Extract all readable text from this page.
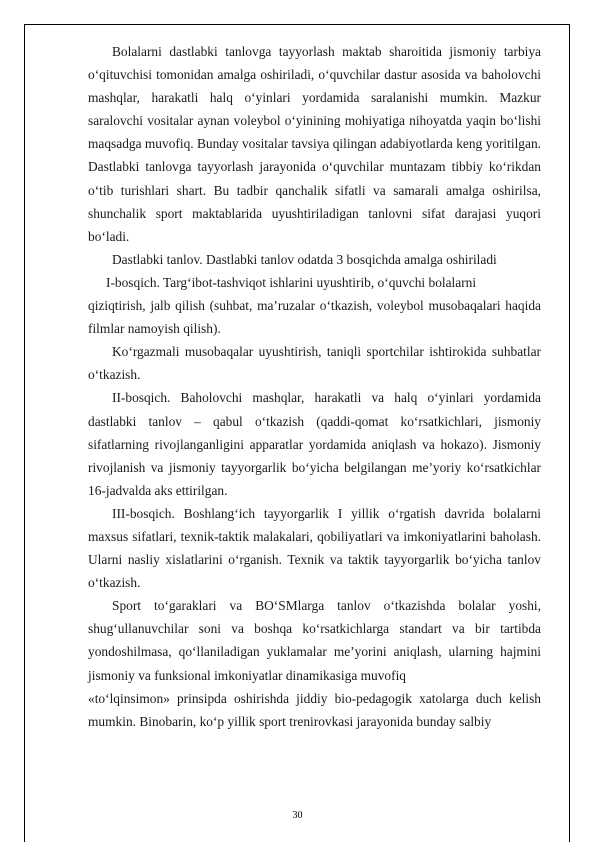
Bolalarni dastlabki tanlovga tayyorlash maktab sharoitida jismoniy tarbiya o‘qituvchisi tomonidan amalga oshiriladi, o‘quvchilar dastur asosida va baholovchi mashqlar, harakatli halq o‘yinlari yordamida saralanishi mumkin. Mazkur saralovchi vositalar aynan voleybol o‘yinining mohiyatiga nihoyatda yaqin bo‘lishi maqsadga muvofiq. Bunday vositalar tavsiya qilingan adabiyotlarda keng yoritilgan. Dastlabki tanlovga tayyorlash jarayonida o‘quvchilar muntazam tibbiy ko‘rikdan o‘tib turishlari shart. Bu tadbir qanchalik sifatli va samarali amalga oshirilsa, shunchalik sport maktablarida uyushtiriladigan tanlovni sifat darajasi yuqori bo‘ladi.

Dastlabki tanlov. Dastlabki tanlov odatda 3 bosqichda amalga oshiriladi

I-bosqich. Targ‘ibot-tashviqot ishlarini uyushtirib, o‘quvchi bolalarni

qiziqtirish, jalb qilish (suhbat, ma’ruzalar o‘tkazish, voleybol musobaqalari haqida filmlar namoyish qilish).

Ko‘rgazmali musobaqalar uyushtirish, taniqli sportchilar ishtirokida suhbatlar o‘tkazish.

II-bosqich. Baholovchi mashqlar, harakatli va halq o‘yinlari yordamida dastlabki tanlov – qabul o‘tkazish (qaddi-qomat ko‘rsatkichlari, jismoniy sifatlarning rivojlanganligini apparatlar yordamida aniqlash va hokazo). Jismoniy rivojlanish va jismoniy tayyorgarlik bo‘yicha belgilangan me’yoriy ko‘rsatkichlar 16-jadvalda aks ettirilgan.

III-bosqich. Boshlang‘ich tayyorgarlik I yillik o‘rgatish davrida bolalarni maxsus sifatlari, texnik-taktik malakalari, qobiliyatlari va imkoniyatlarini baholash. Ularni nasliy xislatlarini o‘rganish. Texnik va taktik tayyorgarlik bo‘yicha tanlov o‘tkazish.

Sport to‘garaklari va BO‘SMlarga tanlov o‘tkazishda bolalar yoshi, shug‘ullanuvchilar soni va boshqa ko‘rsatkichlarga standart va bir tartibda yondoshilmasa, qo‘llaniladigan yuklamalar me’yorini aniqlash, ularning hajmini jismoniy va funksional imkoniyatlar dinamikasiga muvofiq

«to‘lqinsimon» prinsipda oshirishda jiddiy bio-pedagogik xatolarga duch kelish mumkin. Binobarin, ko‘p yillik sport trenirovkasi jarayonida bunday salbiy

30
